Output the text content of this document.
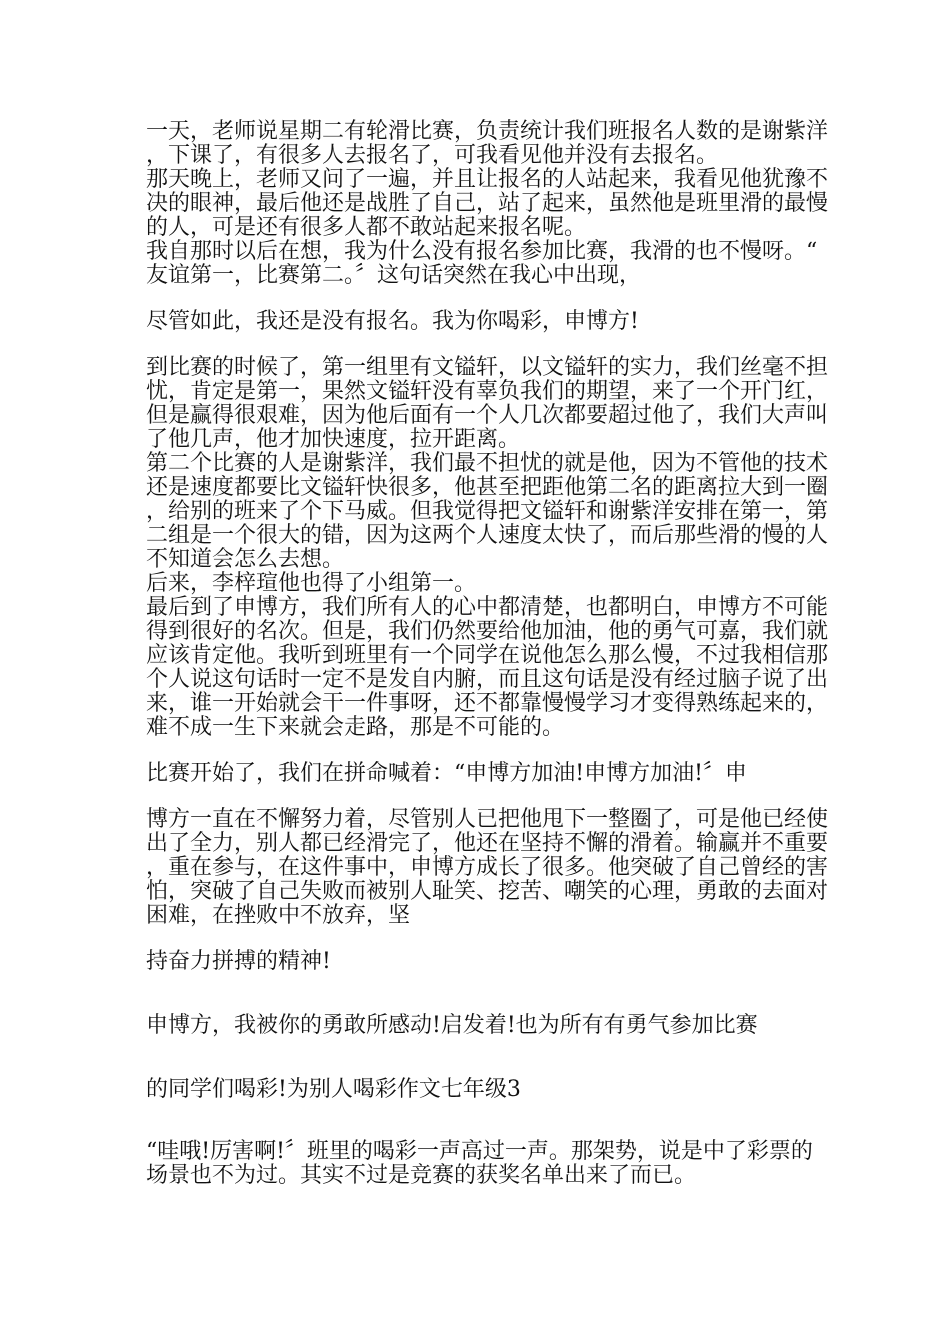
一天，老师说星期二有轮滑比赛，负责统计我们班报名人数的是谢紫洋，下课了，有很多人去报名了，可我看见他并没有去报名。

那天晚上，老师又问了一遍，并且让报名的人站起来，我看见他犹豫不决的眼神，最后他还是战胜了自己，站了起来，虽然他是班里滑的最慢的人，可是还有很多人都不敢站起来报名呢。

我自那时以后在想，我为什么没有报名参加比赛，我滑的也不慢呀。“友谊第一，比赛第二。〞这句话突然在我心中出现，

尽管如此，我还是没有报名。我为你喝彩，申博方!

到比赛的时候了，第一组里有文镒轩，以文镒轩的实力，我们丝毫不担忧，肯定是第一，果然文镒轩没有辜负我们的期望，来了一个开门红，但是赢得很艰难，因为他后面有一个人几次都要超过他了，我们大声叫了他几声，他才加快速度，拉开距离。

第二个比赛的人是谢紫洋，我们最不担忧的就是他，因为不管他的技术还是速度都要比文镒轩快很多，他甚至把距他第二名的距离拉大到一圈，给别的班来了个下马威。但我觉得把文镒轩和谢紫洋安排在第一，第二组是一个很大的错，因为这两个人速度太快了，而后那些滑的慢的人不知道会怎么去想。

后来，李梓瑄他也得了小组第一。

最后到了申博方，我们所有人的心中都清楚，也都明白，申博方不可能得到很好的名次。但是，我们仍然要给他加油，他的勇气可嘉，我们就应该肯定他。我听到班里有一个同学在说他怎么那么慢，不过我相信那个人说这句话时一定不是发自内腑，而且这句话是没有经过脑子说了出来，谁一开始就会干一件事呀，还不都靠慢慢学习才变得熟练起来的，难不成一生下来就会走路，那是不可能的。

比赛开始了，我们在拼命喊着：“申博方加油!申博方加油!〞申

博方一直在不懈努力着，尽管别人已把他甩下一整圈了，可是他已经使出了全力，别人都已经滑完了，他还在坚持不懈的滑着。输赢并不重要，重在参与，在这件事中，申博方成长了很多。他突破了自己曾经的害怕，突破了自己失败而被别人耻笑、挖苦、嘲笑的心理，勇敢的去面对困难，在挫败中不放弃，坚

持奋力拼搏的精神!

申博方，我被你的勇敢所感动!启发着!也为所有有勇气参加比赛

的同学们喝彩!为别人喝彩作文七年级3

“哇哦!厉害啊!〞班里的喝彩一声高过一声。那架势，说是中了彩票的场景也不为过。其实不过是竞赛的获奖名单出来了而已。
